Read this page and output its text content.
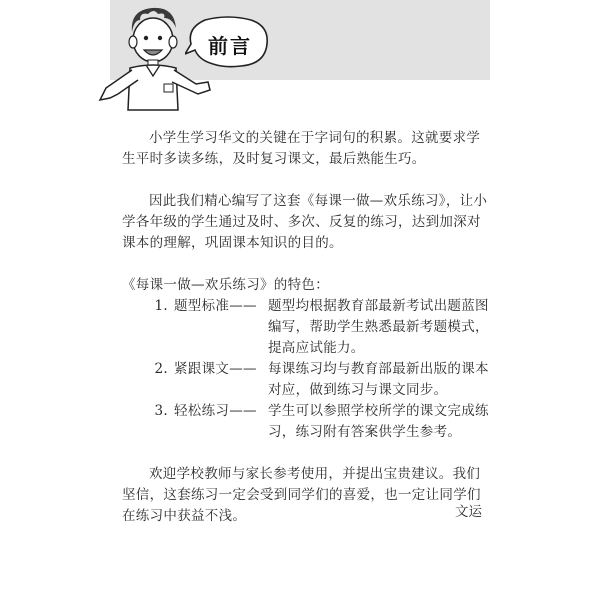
前言

小学生学习华文的关键在于字词句的积累。这就要求学生平时多读多练，及时复习课文，最后熟能生巧。

因此我们精心编写了这套《每课一做—欢乐练习》，让小学各年级的学生通过及时、多次、反复的练习，达到加深对课本的理解，巩固课本知识的目的。

《每课一做—欢乐练习》的特色：

1. 题型标准—— 题型均根据教育部最新考试出题蓝图编写，帮助学生熟悉最新考题模式，提高应试能力。
2. 紧跟课文—— 每课练习均与教育部最新出版的课本对应，做到练习与课文同步。
3. 轻松练习—— 学生可以参照学校所学的课文完成练习，练习附有答案供学生参考。

欢迎学校教师与家长参考使用，并提出宝贵建议。我们坚信，这套练习一定会受到同学们的喜爱，也一定让同学们在练习中获益不浅。	文运
